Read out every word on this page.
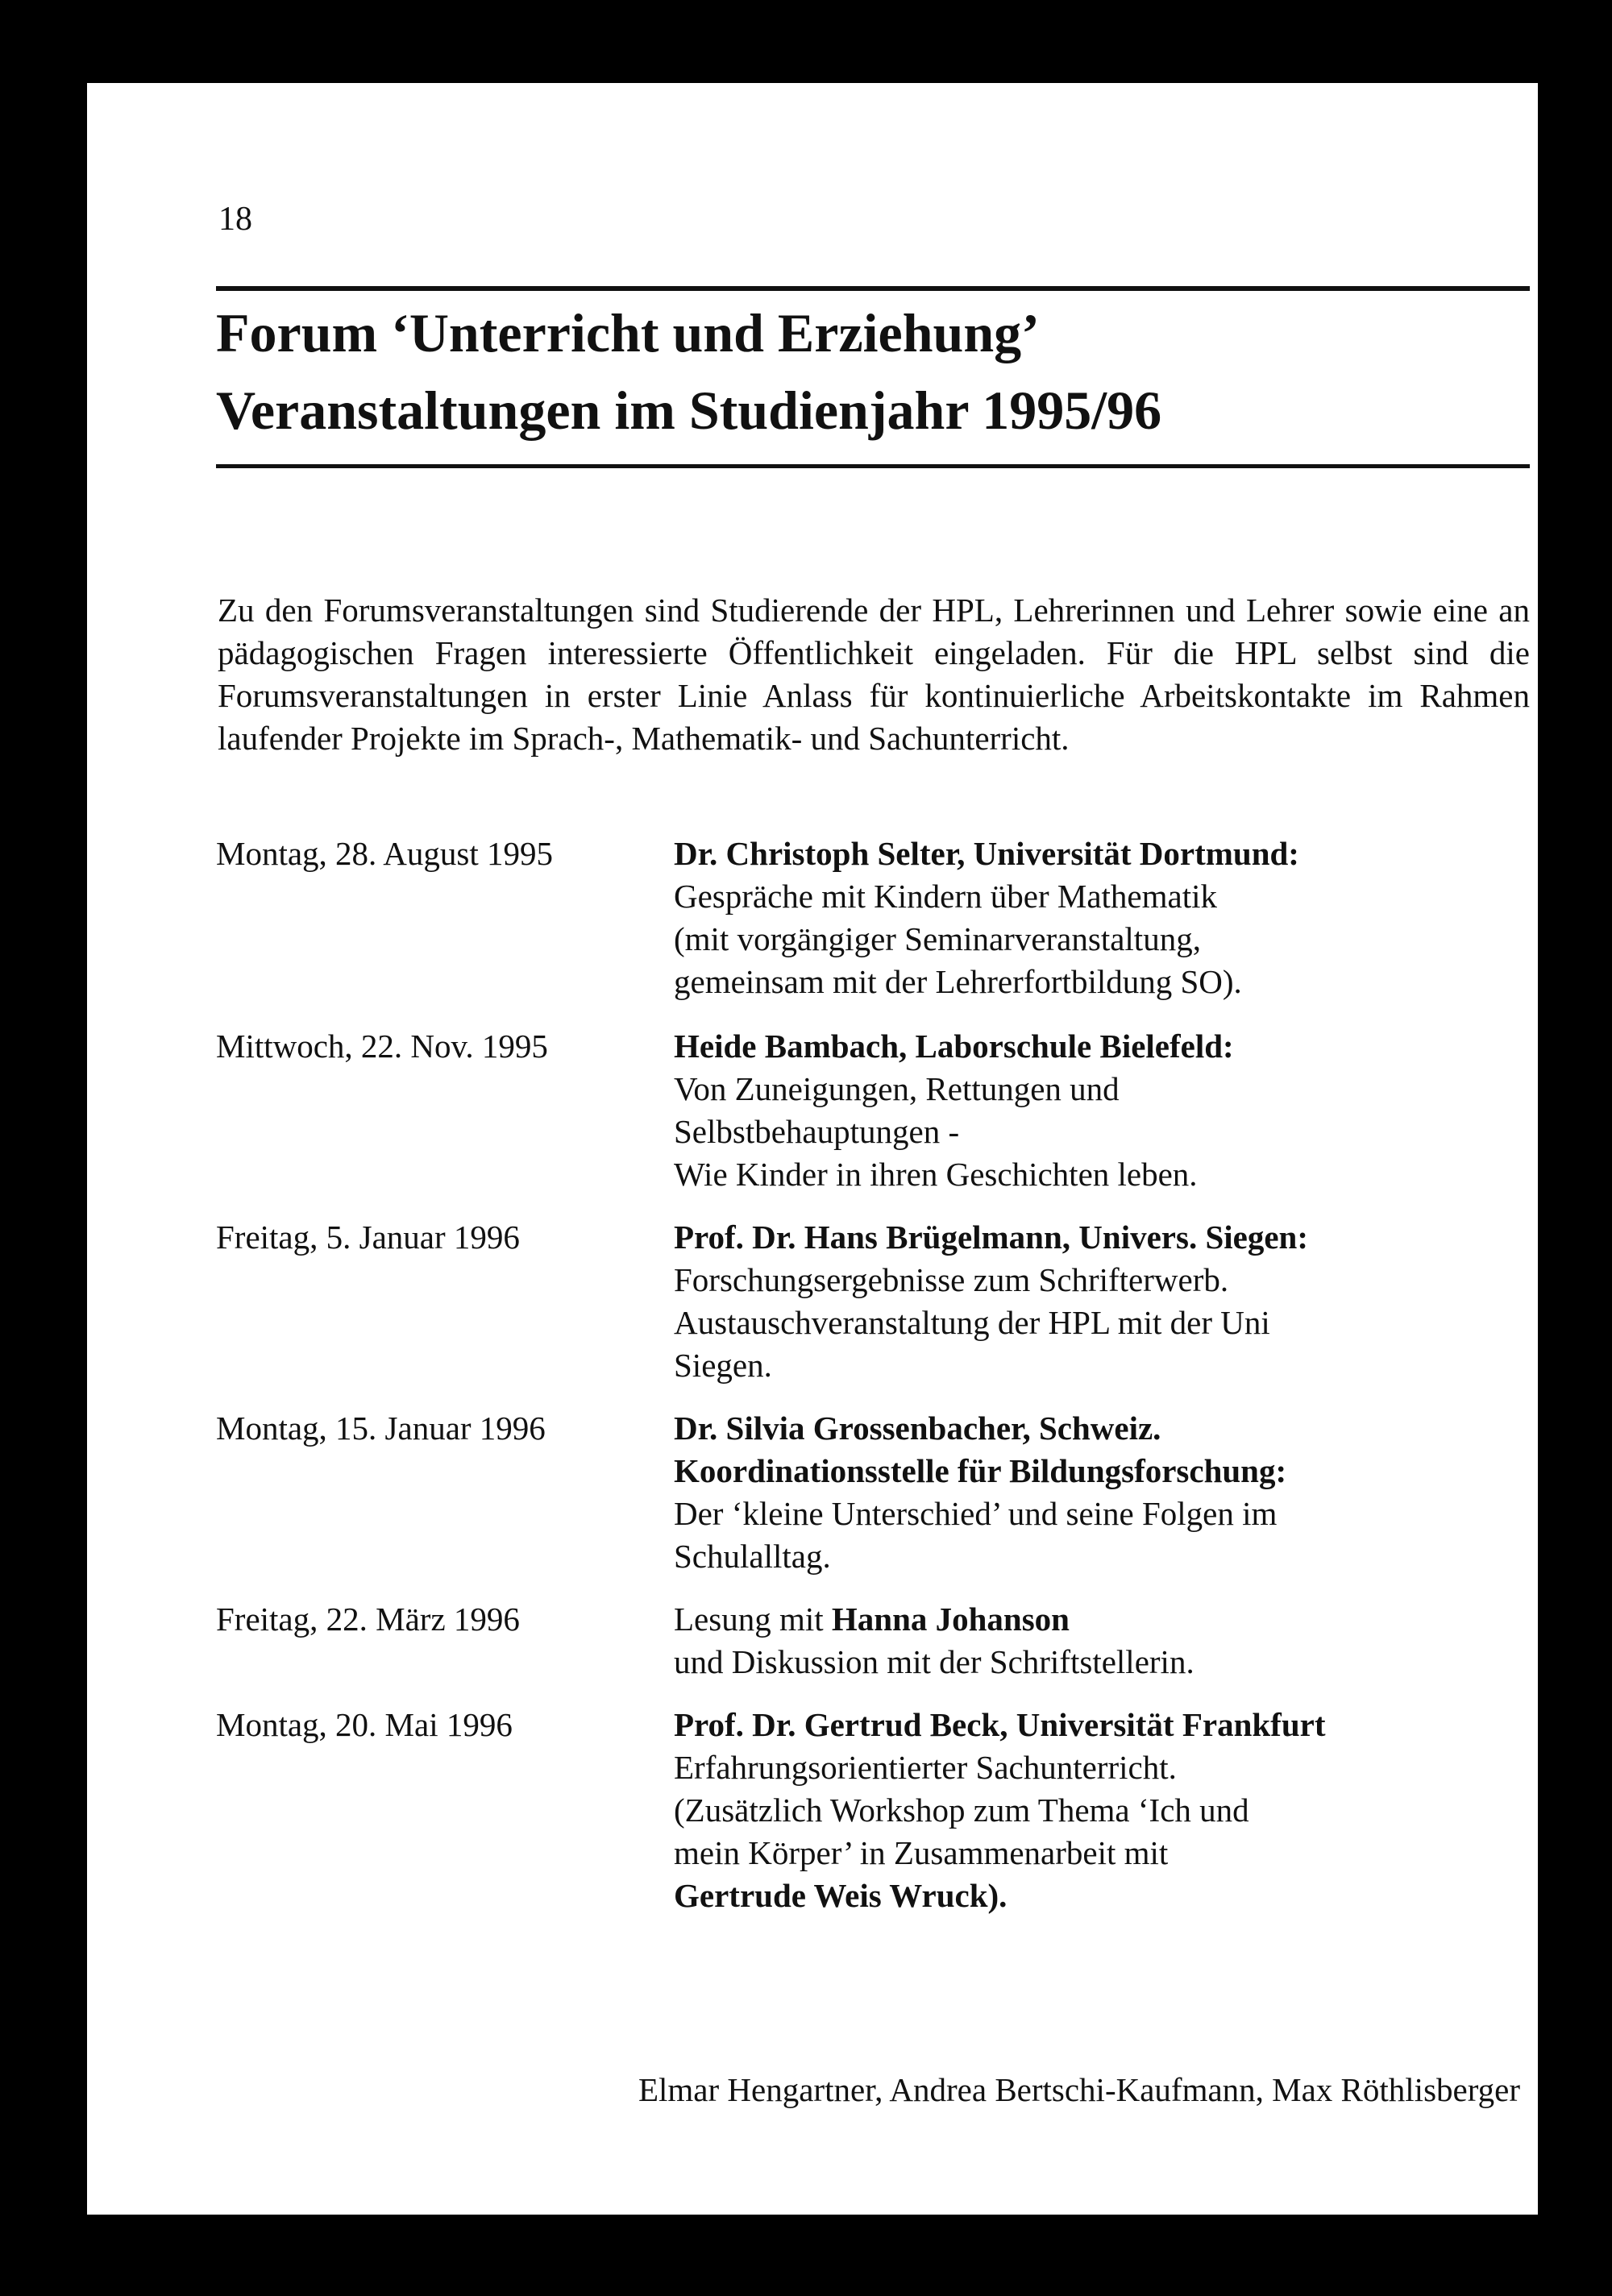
18
Forum ‘Unterricht und Erziehung’
Veranstaltungen im Studienjahr 1995/96

Zu den Forumsveranstaltungen sind Studierende der HPL, Lehrerinnen und Lehrer sowie eine an pädagogischen Fragen interessierte Öffentlichkeit eingeladen. Für die HPL selbst sind die Forumsveranstaltungen in erster Linie Anlass für kontinuierliche Arbeitskontakte im Rahmen laufender Projekte im Sprach-, Mathematik- und Sachunterricht.

Montag, 28. August 1995	Dr. Christoph Selter, Universität Dortmund:
Gespräche mit Kindern über Mathematik
(mit vorgängiger Seminarveranstaltung,
gemeinsam mit der Lehrerfortbildung SO).
Mittwoch, 22. Nov. 1995	Heide Bambach, Laborschule Bielefeld:
Von Zuneigungen, Rettungen und
Selbstbehauptungen -
Wie Kinder in ihren Geschichten leben.
Freitag, 5. Januar 1996	Prof. Dr. Hans Brügelmann, Univers. Siegen:
Forschungsergebnisse zum Schrifterwerb.
Austauschveranstaltung der HPL mit der Uni
Siegen.
Montag, 15. Januar 1996	Dr. Silvia Grossenbacher, Schweiz.
Koordinationsstelle für Bildungsforschung:
Der ‘kleine Unterschied’ und seine Folgen im
Schulalltag.
Freitag, 22. März 1996	Lesung mit Hanna Johanson
und Diskussion mit der Schriftstellerin.
Montag, 20. Mai 1996	Prof. Dr. Gertrud Beck, Universität Frankfurt
Erfahrungsorientierter Sachunterricht.
(Zusätzlich Workshop zum Thema ‘Ich und
mein Körper’ in Zusammenarbeit mit
Gertrude Weis Wruck).
Elmar Hengartner, Andrea Bertschi-Kaufmann, Max Röthlisberger
